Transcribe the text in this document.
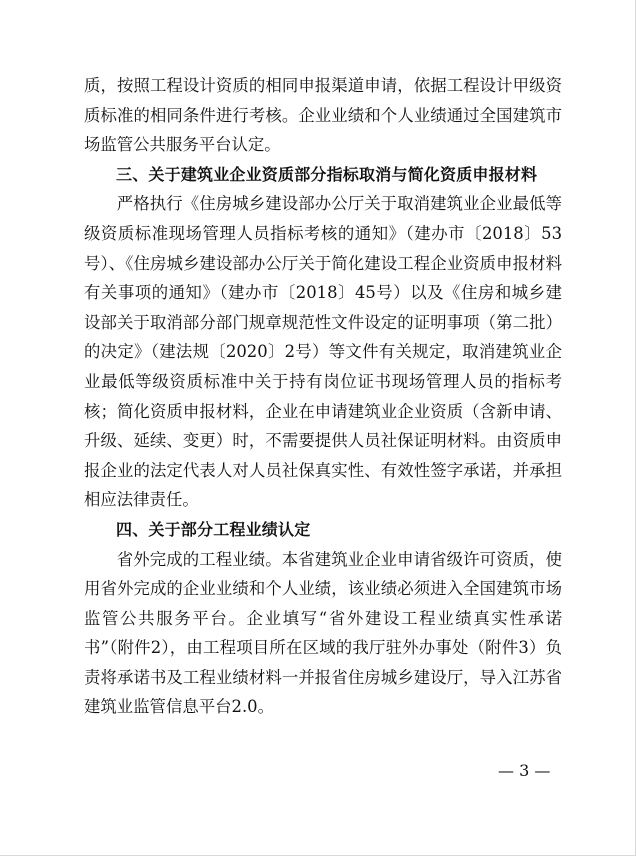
质，按照工程设计资质的相同申报渠道申请，依据工程设计甲级资质标准的相同条件进行考核。企业业绩和个人业绩通过全国建筑市场监管公共服务平台认定。

三、关于建筑业企业资质部分指标取消与简化资质申报材料

严格执行《住房城乡建设部办公厅关于取消建筑业企业最低等级资质标准现场管理人员指标考核的通知》（建办市〔2018〕53号）、《住房城乡建设部办公厅关于简化建设工程企业资质申报材料有关事项的通知》（建办市〔2018〕45号）以及《住房和城乡建设部关于取消部分部门规章规范性文件设定的证明事项（第二批）的决定》（建法规〔2020〕2号）等文件有关规定，取消建筑业企业最低等级资质标准中关于持有岗位证书现场管理人员的指标考核；简化资质申报材料，企业在申请建筑业企业资质（含新申请、升级、延续、变更）时，不需要提供人员社保证明材料。由资质申报企业的法定代表人对人员社保真实性、有效性签字承诺，并承担相应法律责任。

四、关于部分工程业绩认定

省外完成的工程业绩。本省建筑业企业申请省级许可资质，使用省外完成的企业业绩和个人业绩，该业绩必须进入全国建筑市场监管公共服务平台。企业填写“省外建设工程业绩真实性承诺书”（附件2），由工程项目所在区域的我厅驻外办事处（附件3）负责将承诺书及工程业绩材料一并报省住房城乡建设厅，导入江苏省建筑业监管信息平台2.0。

— 3 —
